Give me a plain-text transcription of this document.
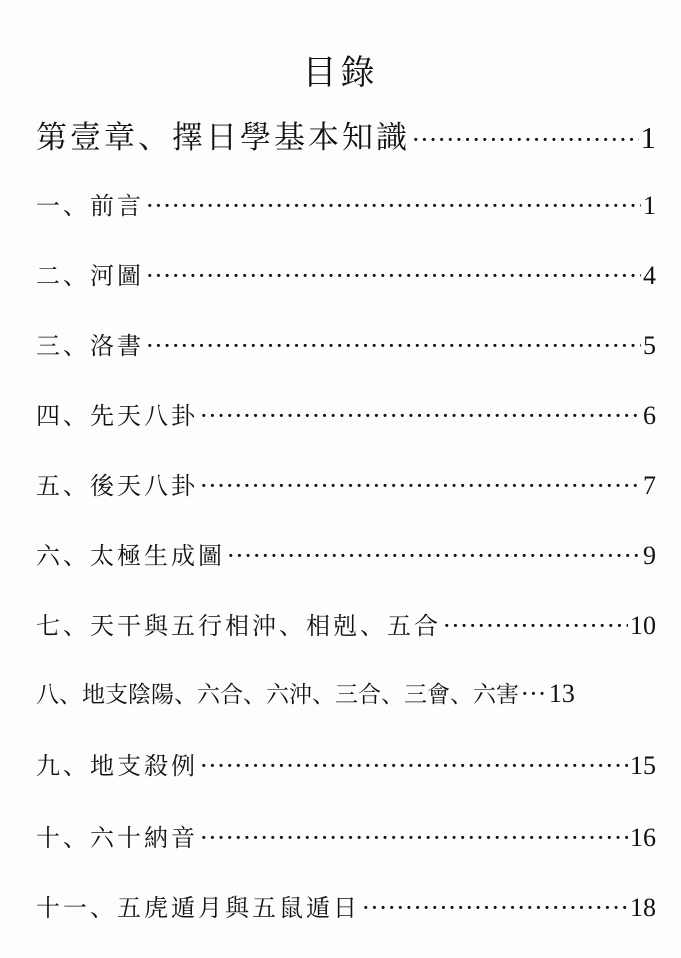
目錄
第壹章、擇日學基本知識 ·····	1
一、前言 ·····	1
二、河圖 ·····	4
三、洛書 ·····	5
四、先天八卦 ·····	6
五、後天八卦 ·····	7
六、太極生成圖 ·····	9
七、天干與五行相沖、相剋、五合 ·····	10
八、地支陰陽、六合、六沖、三合、三會、六害 ··· 13
九、地支殺例 ·····	15
十、六十納音 ·····	16
十一、五虎遁月與五鼠遁日 ·····	18
